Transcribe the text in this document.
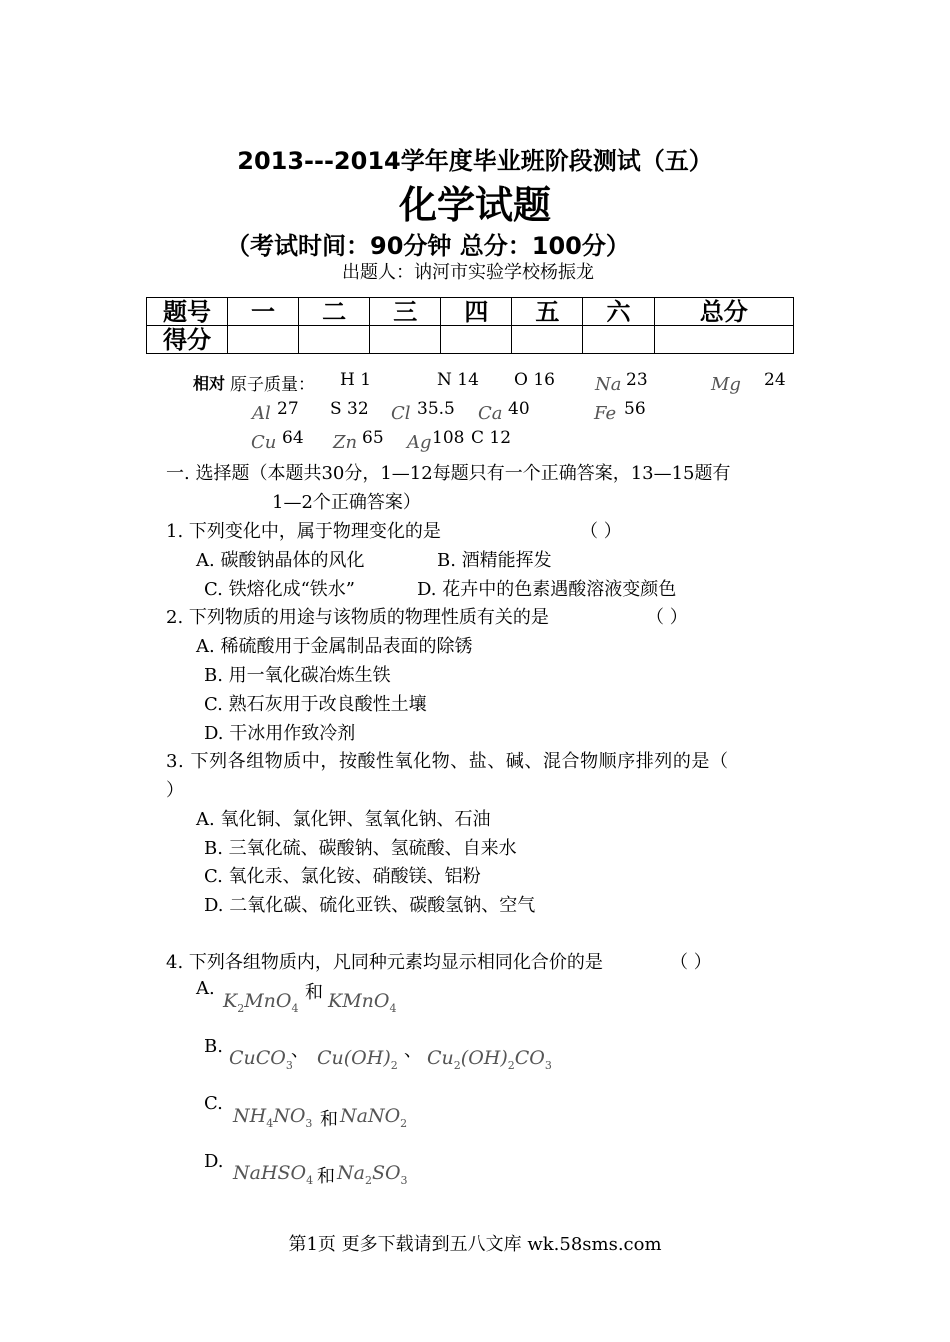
2013---2014学年度毕业班阶段测试（五）
化学试题
（考试时间：90分钟 总分：100分）
出题人：讷河市实验学校杨振龙
题号	一	二	三	四	五	六	总分
得分							
相对 原子质量： H 1	N 14 O 16 Na 23	Mg 24
Al 27 S 32 Cl 35.5 Ca 40	Fe 56
Cu 64 Zn 65 Ag 108 C 12
一. 选择题（本题共30分，1—12每题只有一个正确答案，13—15题有
1—2个正确答案）
1. 下列变化中，属于物理变化的是	（ ）
A. 碳酸钠晶体的风化	B. 酒精能挥发
C. 铁熔化成“铁水”	D. 花卉中的色素遇酸溶液变颜色
2. 下列物质的用途与该物质的物理性质有关的是	（ ）
A. 稀硫酸用于金属制品表面的除锈
B. 用一氧化碳冶炼生铁
C. 熟石灰用于改良酸性土壤
D. 干冰用作致冷剂
3. 下列各组物质中，按酸性氧化物、盐、碱、混合物顺序排列的是（
）
A. 氧化铜、氯化钾、氢氧化钠、石油
B. 三氧化硫、碳酸钠、氢硫酸、自来水
C. 氧化汞、氯化铵、硝酸镁、铝粉
D. 二氧化碳、硫化亚铁、碳酸氢钠、空气
4. 下列各组物质内，凡同种元素均显示相同化合价的是	（ ）
A.
$K_2MnO_4$
和 KMnO$_4$
B.
CuCO$_3$
、 $Cu(OH)_2$
、 $Cu_2(OH)_2CO_3$
C.
$NH_4NO_3$ 和 NaNO$_2$
D.
NaHSO$_4$ 和 $Na_2SO_3$
第1页 更多下载请到五八文库 wk.58sms.com
